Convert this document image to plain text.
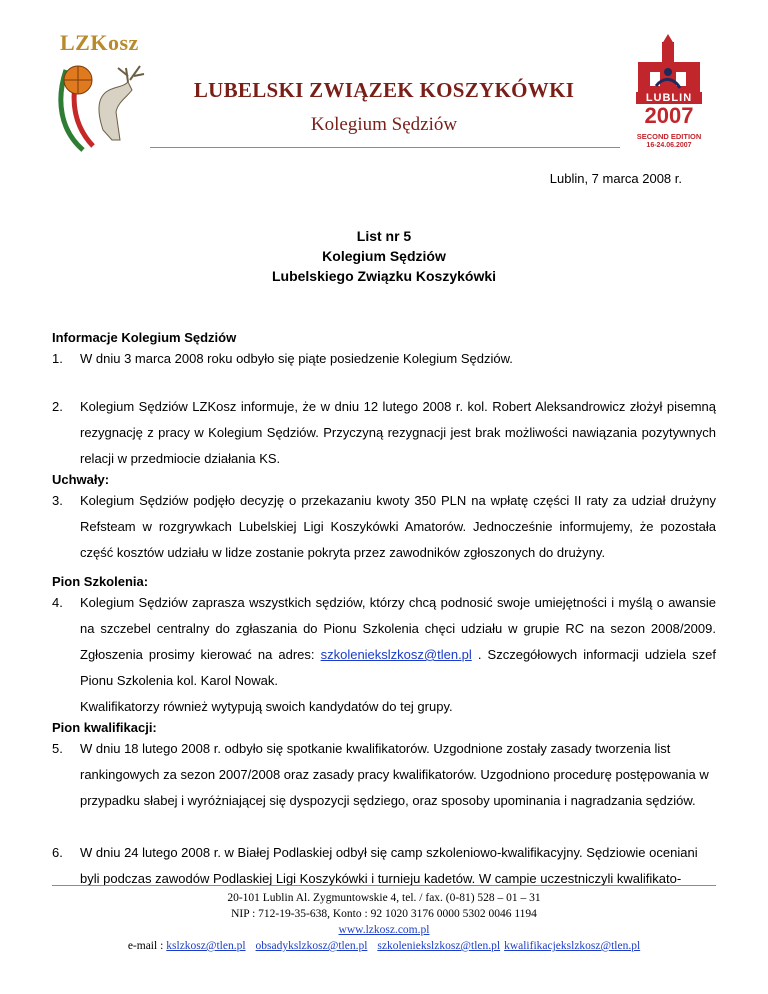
LZKosz
LUBELSKI ZWIĄZEK KOSZYKÓWKI
Kolegium Sędziów
LUBLIN
2007
SECOND EDITION
16-24.06.2007
Lublin, 7 marca 2008 r.
List nr 5
Kolegium Sędziów
Lubelskiego Związku Koszykówki
Informacje Kolegium Sędziów
1.	W dniu 3 marca 2008 roku odbyło się piąte posiedzenie Kolegium Sędziów.
2.	Kolegium Sędziów LZKosz informuje, że w dniu 12 lutego 2008 r. kol. Robert Aleksandrowicz złożył pisemną rezygnację z pracy w Kolegium Sędziów. Przyczyną rezygnacji jest brak możliwości nawiązania pozytywnych relacji w przedmiocie działania KS.
Uchwały:
3.	Kolegium Sędziów podjęło decyzję o przekazaniu kwoty 350 PLN na wpłatę części II raty za udział drużyny Refsteam w rozgrywkach Lubelskiej Ligi Koszykówki Amatorów. Jednocześnie informujemy, że pozostała część kosztów udziału w lidze zostanie pokryta przez zawodników zgłoszonych do drużyny.
Pion Szkolenia:
4.	Kolegium Sędziów zaprasza wszystkich sędziów, którzy chcą podnosić swoje umiejętności i myślą o awansie na szczebel centralny do zgłaszania do Pionu Szkolenia chęci udziału w grupie RC na sezon 2008/2009. Zgłoszenia prosimy kierować na adres: szkoleniekslzkosz@tlen.pl . Szczegółowych informacji udziela szef Pionu Szkolenia kol. Karol Nowak.
Kwalifikatorzy również wytypują swoich kandydatów do tej grupy.
Pion kwalifikacji:
5.	W dniu 18 lutego 2008 r. odbyło się spotkanie kwalifikatorów. Uzgodnione zostały zasady tworzenia list rankingowych za sezon 2007/2008 oraz zasady pracy kwalifikatorów. Uzgodniono procedurę postępowania w przypadku słabej i wyróżniającej się dyspozycji sędziego, oraz sposoby upominania i nagradzania sędziów.
6.	W dniu 24 lutego 2008 r. w Białej Podlaskiej odbył się camp szkoleniowo-kwalifikacyjny. Sędziowie oceniani byli podczas zawodów Podlaskiej Ligi Koszykówki i turnieju kadetów. W campie uczestniczyli kwalifikato-
20-101 Lublin Al. Zygmuntowskie 4, tel. / fax. (0-81) 528 – 01 – 31
NIP : 712-19-35-638, Konto : 92 1020 3176 0000 5302 0046 1194
www.lzkosz.com.pl
e-mail : kslzkosz@tlen.pl obsadykslzkosz@tlen.pl szkoleniekslzkosz@tlen.pl kwalifikacjekslzkosz@tlen.pl
